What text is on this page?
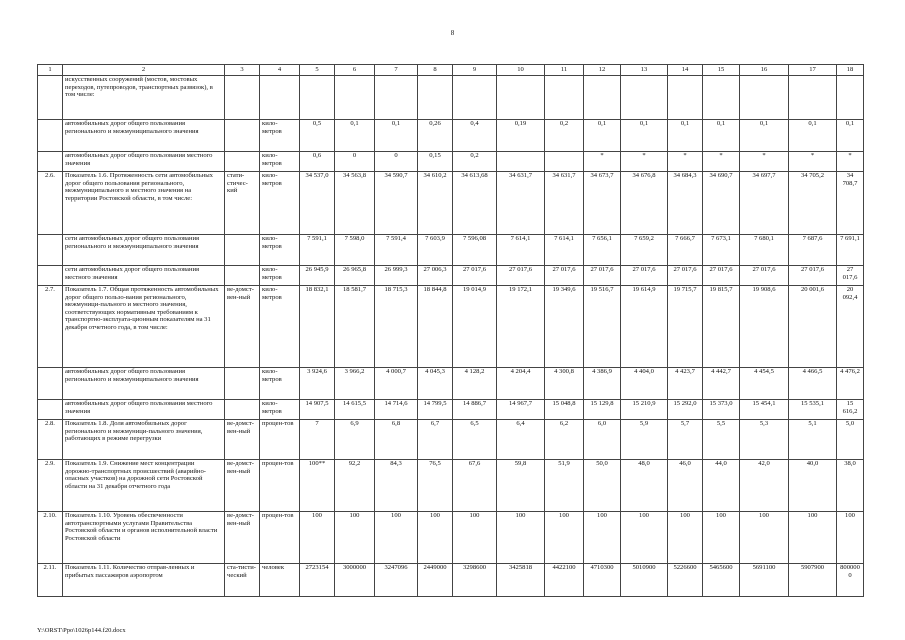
8
1	2	3	4	5	6	7	8	9	10	11	12	13	14	15	16	17	18
	искусственных сооружений (мостов, мостовых переходов, путепроводов, транспортных развязок), в том числе:																
	автомобильных дорог общего пользования регионального и межмуниципального значения		кило-метров	0,5	0,1	0,1	0,26	0,4	0,19	0,2	0,1	0,1	0,1	0,1	0,1	0,1	0,1
	автомобильных дорог общего пользования местного значения		кило-метров	0,6	0	0	0,15	0,2			*	*	*	*	*	*	*
2.6.	Показатель 1.6. Протяженность сети автомобильных дорог общего пользования регионального, межмуниципального и местного значения на территории Ростовской области, в том числе:	стати-стичес-кий	кило-метров	34 537,0	34 563,8	34 590,7	34 610,2	34 613,68	34 631,7	34 631,7	34 673,7	34 676,8	34 684,3	34 690,7	34 697,7	34 705,2	34 708,7
	сети автомобильных дорог общего пользования регионального и межмуниципального значения		кило-метров	7 591,1	7 598,0	7 591,4	7 603,9	7 596,08	7 614,1	7 614,1	7 656,1	7 659,2	7 666,7	7 673,1	7 680,1	7 687,6	7 691,1
	сети автомобильных дорог общего пользования местного значения		кило-метров	26 945,9	26 965,8	26 999,3	27 006,3	27 017,6	27 017,6	27 017,6	27 017,6	27 017,6	27 017,6	27 017,6	27 017,6	27 017,6	27 017,6
2.7.	Показатель 1.7. Общая протяженность автомобильных дорог общего пользо-вания регионального, межмуници-пального и местного значения, соответствующих нормативным требованиям к транспортно-эксплуата-ционным показателям на 31 декабря отчетного года, в том числе:	ве-домст-вен-ный	кило-метров	18 832,1	18 581,7	18 715,3	18 844,8	19 014,9	19 172,1	19 349,6	19 516,7	19 614,9	19 715,7	19 815,7	19 908,6	20 001,6	20 092,4
	автомобильных дорог общего пользования регионального и межмуниципального значения		кило-метров	3 924,6	3 966,2	4 000,7	4 045,3	4 128,2	4 204,4	4 300,8	4 386,9	4 404,0	4 423,7	4 442,7	4 454,5	4 466,5	4 476,2
	автомобильных дорог общего пользования местного значения		кило-метров	14 907,5	14 615,5	14 714,6	14 799,5	14 886,7	14 967,7	15 048,8	15 129,8	15 210,9	15 292,0	15 373,0	15 454,1	15 535,1	15 616,2
2.8.	Показатель 1.8. Доля автомобильных дорог регионального и межмуници-пального значения, работающих в режиме перегрузки	ве-домст-вен-ный	процен-тов	7	6,9	6,8	6,7	6,5	6,4	6,2	6,0	5,9	5,7	5,5	5,3	5,1	5,0
2.9.	Показатель 1.9. Снижение мест концентрации дорожно-транспортных происшествий (аварийно-опасных участков) на дорожной сети Ростовской области на 31 декабря отчетного года	ве-домст-вен-ный	процен-тов	100**	92,2	84,3	76,5	67,6	59,8	51,9	50,0	48,0	46,0	44,0	42,0	40,0	38,0
2.10.	Показатель 1.10. Уровень обеспеченности автотранспортными услугами Правительства Ростовской области и органов исполнительной власти Ростовской области	ве-домст-вен-ный	процен-тов	100	100	100	100	100	100	100	100	100	100	100	100	100	100
2.11.	Показатель 1.11. Количество отправ-ленных и прибытых пассажиров аэропортом	ста-тисти-ческий	человек	2723154	3000000	3247096	2449000	3298600	3425818	4422100	4710300	5010900	5226600	5465600	5691100	5907900	8000000
Y:\ORST\Ppo\1026p144.f20.docx
